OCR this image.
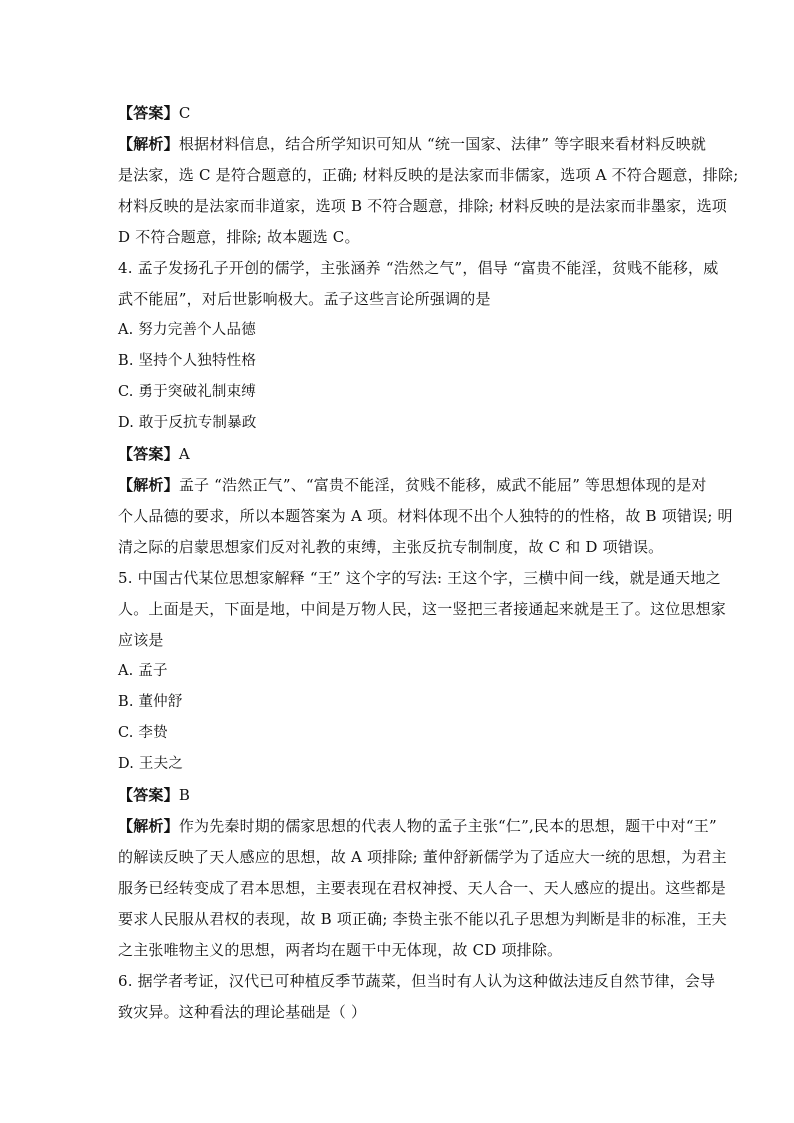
【答案】C
【解析】根据材料信息，结合所学知识可知从 “统一国家、法律” 等字眼来看材料反映就
是法家，选 C 是符合题意的，正确; 材料反映的是法家而非儒家，选项 A 不符合题意，排除;
材料反映的是法家而非道家，选项 B 不符合题意，排除; 材料反映的是法家而非墨家，选项
D 不符合题意，排除; 故本题选 C。
4. 孟子发扬孔子开创的儒学，主张涵养 “浩然之气”，倡导 “富贵不能淫，贫贱不能移，威
武不能屈”，对后世影响极大。孟子这些言论所强调的是
A. 努力完善个人品德
B. 坚持个人独特性格
C. 勇于突破礼制束缚
D. 敢于反抗专制暴政
【答案】A
【解析】孟子 “浩然正气”、“富贵不能淫，贫贱不能移，威武不能屈” 等思想体现的是对
个人品德的要求，所以本题答案为 A 项。材料体现不出个人独特的的性格，故 B 项错误; 明
清之际的启蒙思想家们反对礼教的束缚，主张反抗专制制度，故 C 和 D 项错误。
5. 中国古代某位思想家解释 “王” 这个字的写法: 王这个字，三横中间一线，就是通天地之
人。上面是天，下面是地，中间是万物人民，这一竖把三者接通起来就是王了。这位思想家
应该是
A. 孟子
B. 董仲舒
C. 李贽
D. 王夫之
【答案】B
【解析】作为先秦时期的儒家思想的代表人物的孟子主张“仁”,民本的思想，题干中对“王”
的解读反映了天人感应的思想，故 A 项排除; 董仲舒新儒学为了适应大一统的思想，为君主
服务已经转变成了君本思想，主要表现在君权神授、天人合一、天人感应的提出。这些都是
要求人民服从君权的表现，故 B 项正确; 李贽主张不能以孔子思想为判断是非的标准，王夫
之主张唯物主义的思想，两者均在题干中无体现，故 CD 项排除。
6. 据学者考证，汉代已可种植反季节蔬菜，但当时有人认为这种做法违反自然节律，会导
致灾异。这种看法的理论基础是（ ）
